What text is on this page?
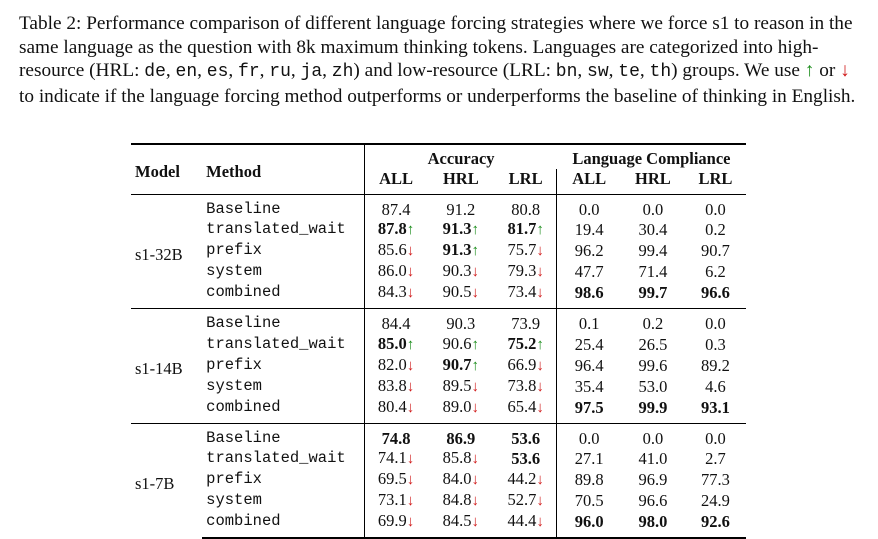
Table 2: Performance comparison of different language forcing strategies where we force s1 to reason in the same language as the question with 8k maximum thinking tokens. Languages are categorized into high-resource (HRL: de, en, es, fr, ru, ja, zh) and low-resource (LRL: bn, sw, te, th) groups. We use ↑ or ↓ to indicate if the language forcing method outperforms or underperforms the baseline of thinking in English.

Model	Method	Accuracy			Language Compliance		
		ALL	HRL	LRL	ALL	HRL	LRL
s1-32B	Baseline	87.4	91.2	80.8	0.0	0.0	0.0
	translated_wait	87.8↑	91.3↑	81.7↑	19.4	30.4	0.2
	prefix	85.6↓	91.3↑	75.7↓	96.2	99.4	90.7
	system	86.0↓	90.3↓	79.3↓	47.7	71.4	6.2
	combined	84.3↓	90.5↓	73.4↓	98.6	99.7	96.6
s1-14B	Baseline	84.4	90.3	73.9	0.1	0.2	0.0
	translated_wait	85.0↑	90.6↑	75.2↑	25.4	26.5	0.3
	prefix	82.0↓	90.7↑	66.9↓	96.4	99.6	89.2
	system	83.8↓	89.5↓	73.8↓	35.4	53.0	4.6
	combined	80.4↓	89.0↓	65.4↓	97.5	99.9	93.1
s1-7B	Baseline	74.8	86.9	53.6	0.0	0.0	0.0
	translated_wait	74.1↓	85.8↓	53.6	27.1	41.0	2.7
	prefix	69.5↓	84.0↓	44.2↓	89.8	96.9	77.3
	system	73.1↓	84.8↓	52.7↓	70.5	96.6	24.9
	combined	69.9↓	84.5↓	44.4↓	96.0	98.0	92.6
